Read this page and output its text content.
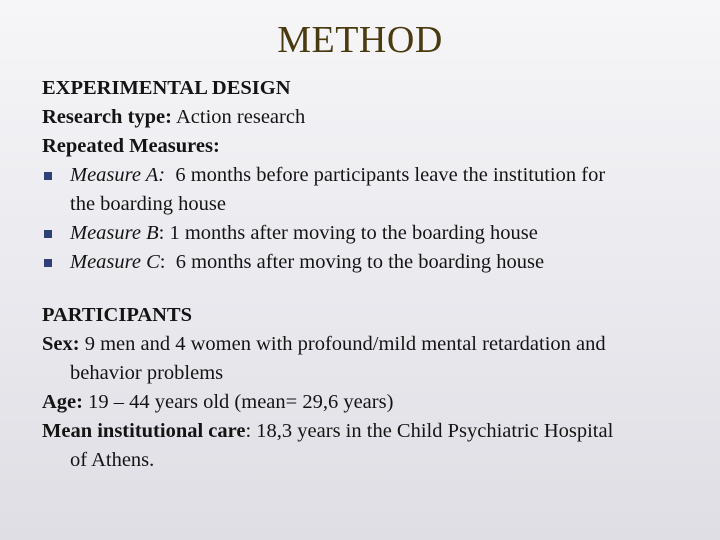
METHOD
EXPERIMENTAL DESIGN
Research type: Action research
Repeated Measures:
Measure A:  6 months before participants leave the institution for
the boarding house
Measure B: 1 months after moving to the boarding house
Measure C:  6 months after moving to the boarding house
PARTICIPANTS
Sex: 9 men and 4 women with profound/mild mental retardation and
behavior problems
Age: 19 – 44 years old (mean= 29,6 years)
Mean institutional care: 18,3 years in the Child Psychiatric Hospital
of Athens.
